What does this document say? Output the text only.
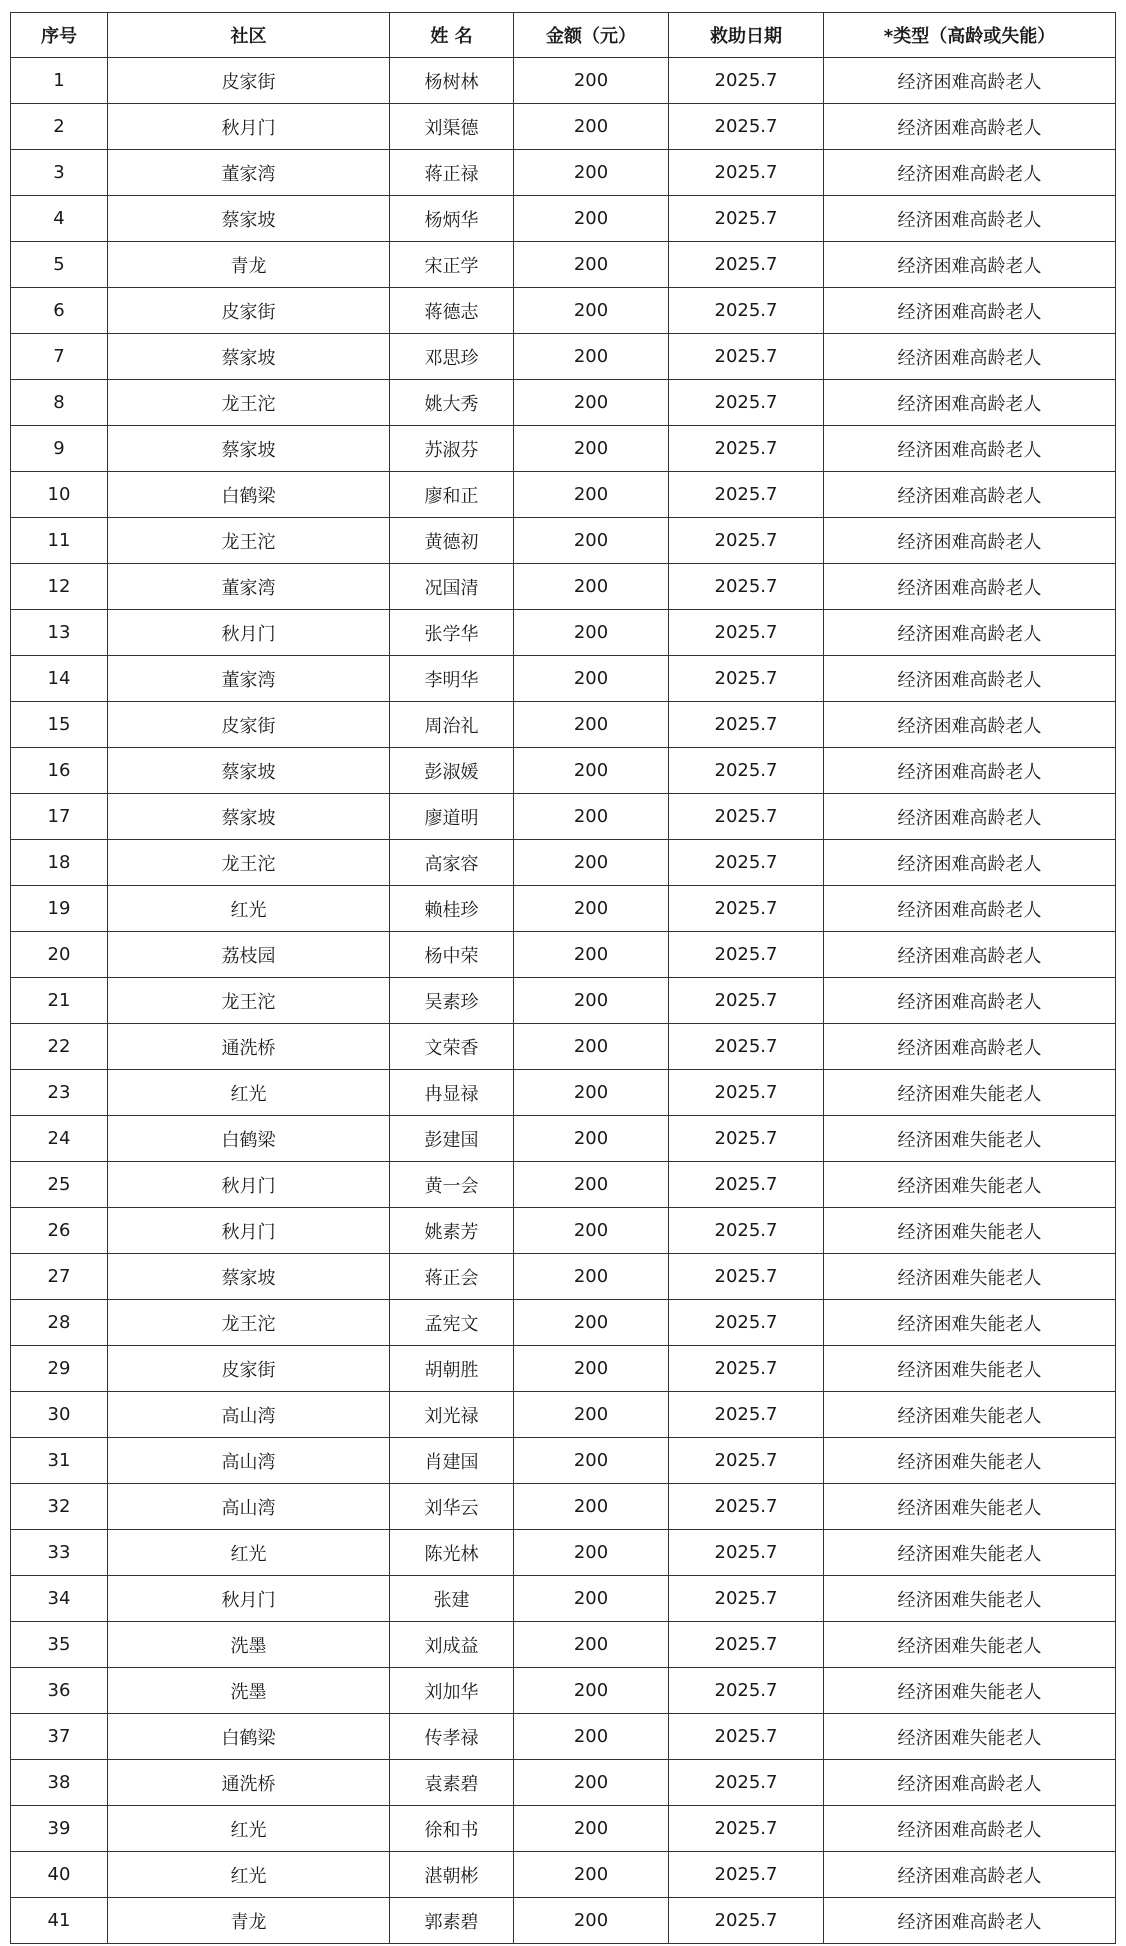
序号	社区	姓 名	金额（元）	救助日期	*类型（高龄或失能）
1	皮家街	杨树林	200	2025.7	经济困难高龄老人
2	秋月门	刘渠德	200	2025.7	经济困难高龄老人
3	董家湾	蒋正禄	200	2025.7	经济困难高龄老人
4	蔡家坡	杨炳华	200	2025.7	经济困难高龄老人
5	青龙	宋正学	200	2025.7	经济困难高龄老人
6	皮家街	蒋德志	200	2025.7	经济困难高龄老人
7	蔡家坡	邓思珍	200	2025.7	经济困难高龄老人
8	龙王沱	姚大秀	200	2025.7	经济困难高龄老人
9	蔡家坡	苏淑芬	200	2025.7	经济困难高龄老人
10	白鹤梁	廖和正	200	2025.7	经济困难高龄老人
11	龙王沱	黄德初	200	2025.7	经济困难高龄老人
12	董家湾	况国清	200	2025.7	经济困难高龄老人
13	秋月门	张学华	200	2025.7	经济困难高龄老人
14	董家湾	李明华	200	2025.7	经济困难高龄老人
15	皮家街	周治礼	200	2025.7	经济困难高龄老人
16	蔡家坡	彭淑媛	200	2025.7	经济困难高龄老人
17	蔡家坡	廖道明	200	2025.7	经济困难高龄老人
18	龙王沱	高家容	200	2025.7	经济困难高龄老人
19	红光	赖桂珍	200	2025.7	经济困难高龄老人
20	荔枝园	杨中荣	200	2025.7	经济困难高龄老人
21	龙王沱	吴素珍	200	2025.7	经济困难高龄老人
22	通洗桥	文荣香	200	2025.7	经济困难高龄老人
23	红光	冉显禄	200	2025.7	经济困难失能老人
24	白鹤梁	彭建国	200	2025.7	经济困难失能老人
25	秋月门	黄一会	200	2025.7	经济困难失能老人
26	秋月门	姚素芳	200	2025.7	经济困难失能老人
27	蔡家坡	蒋正会	200	2025.7	经济困难失能老人
28	龙王沱	孟宪文	200	2025.7	经济困难失能老人
29	皮家街	胡朝胜	200	2025.7	经济困难失能老人
30	高山湾	刘光禄	200	2025.7	经济困难失能老人
31	高山湾	肖建国	200	2025.7	经济困难失能老人
32	高山湾	刘华云	200	2025.7	经济困难失能老人
33	红光	陈光林	200	2025.7	经济困难失能老人
34	秋月门	张建	200	2025.7	经济困难失能老人
35	洗墨	刘成益	200	2025.7	经济困难失能老人
36	洗墨	刘加华	200	2025.7	经济困难失能老人
37	白鹤梁	传孝禄	200	2025.7	经济困难失能老人
38	通洗桥	袁素碧	200	2025.7	经济困难高龄老人
39	红光	徐和书	200	2025.7	经济困难高龄老人
40	红光	湛朝彬	200	2025.7	经济困难高龄老人
41	青龙	郭素碧	200	2025.7	经济困难高龄老人
